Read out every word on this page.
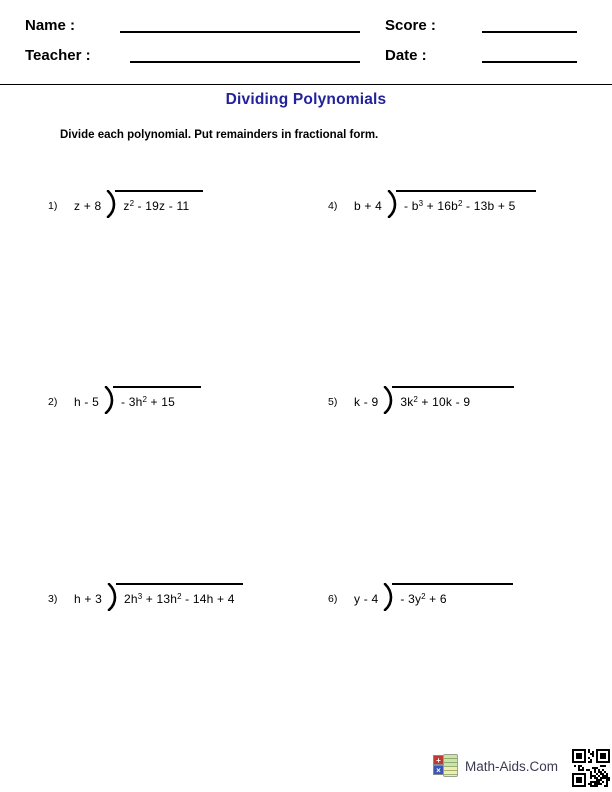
Name :	Score :
Teacher :	Date :
Dividing Polynomials
Divide each polynomial. Put remainders in fractional form.
1)	z + 8	$z^2 - 19z - 11$	4)	b + 4	- $b^3 + 16b^2 - 13b + 5$
2)	h - 5	- $3h^2 + 15$	5)	k - 9	$3k^2 + 10k - 9$
3)	h + 3	$2h^3 + 13h^2 - 14h + 4$	6)	y - 4	- $3y^2 + 6$
+
× Math-Aids.Com
